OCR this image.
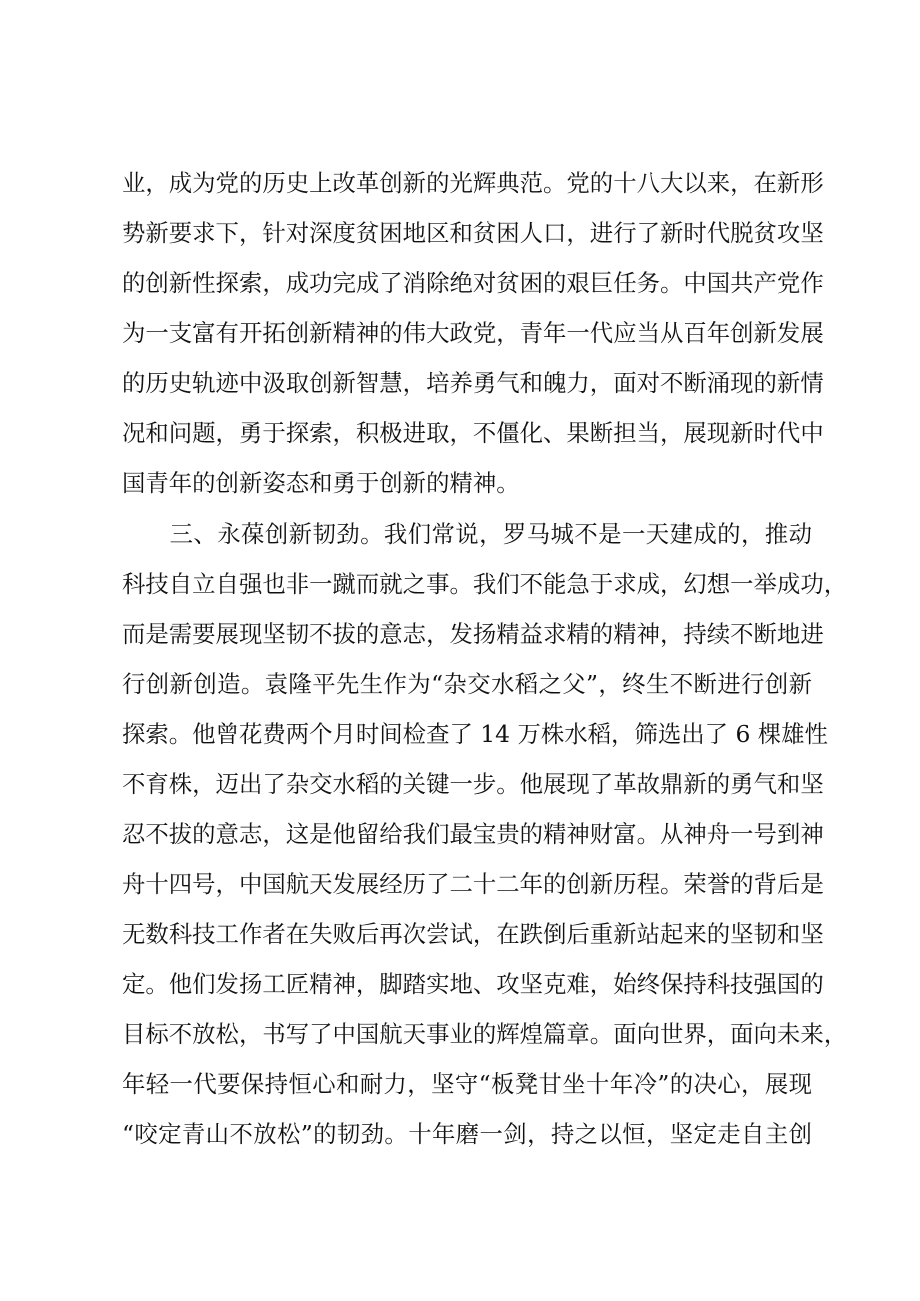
业，成为党的历史上改革创新的光辉典范。党的十八大以来，在新形
势新要求下，针对深度贫困地区和贫困人口，进行了新时代脱贫攻坚
的创新性探索，成功完成了消除绝对贫困的艰巨任务。中国共产党作
为一支富有开拓创新精神的伟大政党，青年一代应当从百年创新发展
的历史轨迹中汲取创新智慧，培养勇气和魄力，面对不断涌现的新情
况和问题，勇于探索，积极进取，不僵化、果断担当，展现新时代中
国青年的创新姿态和勇于创新的精神。
　　三、永葆创新韧劲。我们常说，罗马城不是一天建成的，推动
科技自立自强也非一蹴而就之事。我们不能急于求成，幻想一举成功，
而是需要展现坚韧不拔的意志，发扬精益求精的精神，持续不断地进
行创新创造。袁隆平先生作为“杂交水稻之父”，终生不断进行创新
探索。他曾花费两个月时间检查了 14 万株水稻，筛选出了 6 棵雄性
不育株，迈出了杂交水稻的关键一步。他展现了革故鼎新的勇气和坚
忍不拔的意志，这是他留给我们最宝贵的精神财富。从神舟一号到神
舟十四号，中国航天发展经历了二十二年的创新历程。荣誉的背后是
无数科技工作者在失败后再次尝试，在跌倒后重新站起来的坚韧和坚
定。他们发扬工匠精神，脚踏实地、攻坚克难，始终保持科技强国的
目标不放松，书写了中国航天事业的辉煌篇章。面向世界，面向未来，
年轻一代要保持恒心和耐力，坚守“板凳甘坐十年冷”的决心，展现
“咬定青山不放松”的韧劲。十年磨一剑，持之以恒，坚定走自主创
